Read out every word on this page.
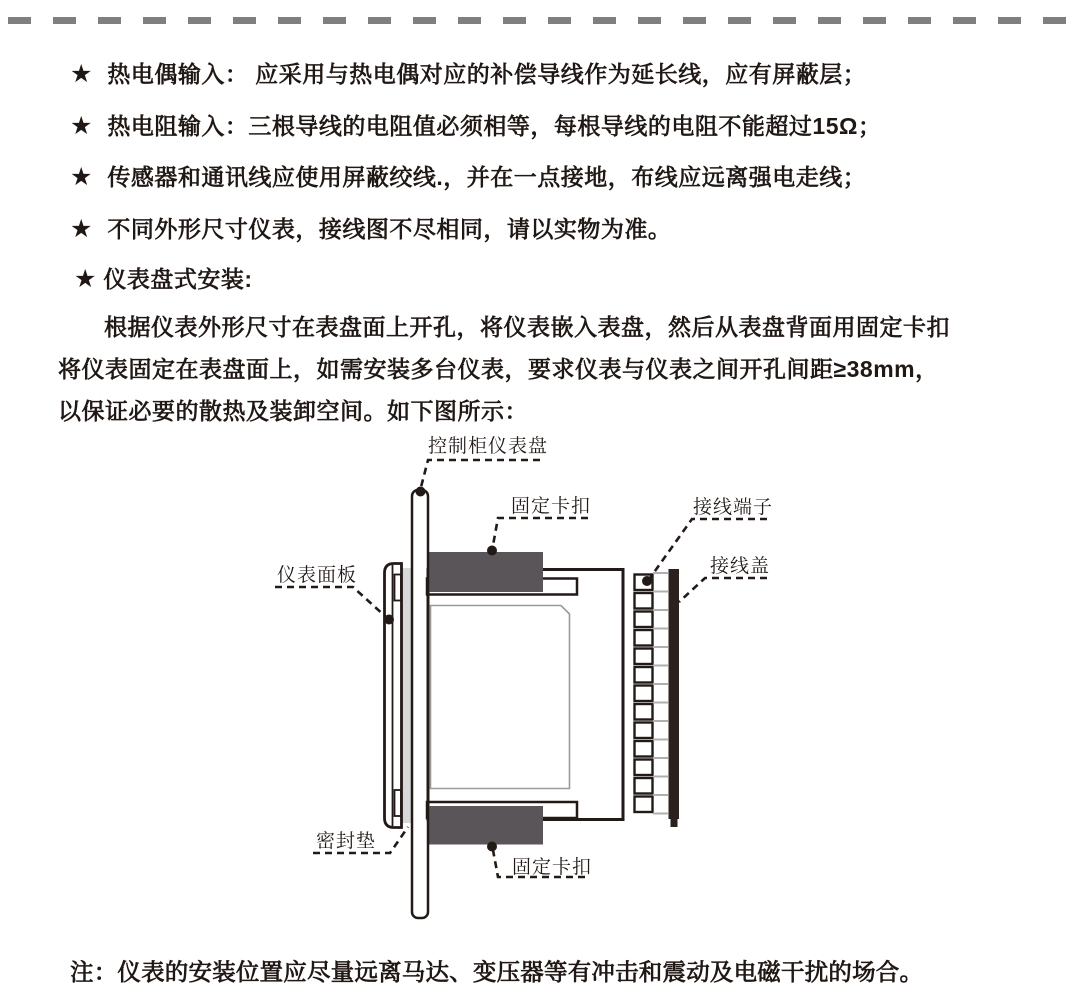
★ 热电偶输入： 应采用与热电偶对应的补偿导线作为延长线，应有屏蔽层；
★ 热电阻输入：三根导线的电阻值必须相等，每根导线的电阻不能超过15Ω；
★ 传感器和通讯线应使用屏蔽绞线.，并在一点接地，布线应远离强电走线；
★ 不同外形尺寸仪表，接线图不尽相同，请以实物为准。
★ 仪表盘式安装:
根据仪表外形尺寸在表盘面上开孔，将仪表嵌入表盘，然后从表盘背面用固定卡扣
将仪表固定在表盘面上，如需安装多台仪表，要求仪表与仪表之间开孔间距≥38mm，
以保证必要的散热及装卸空间。如下图所示：
控制柜仪表盘
固定卡扣	接线端子
接线盖
仪表面板
密封垫
固定卡扣
注：仪表的安装位置应尽量远离马达、变压器等有冲击和震动及电磁干扰的场合。
